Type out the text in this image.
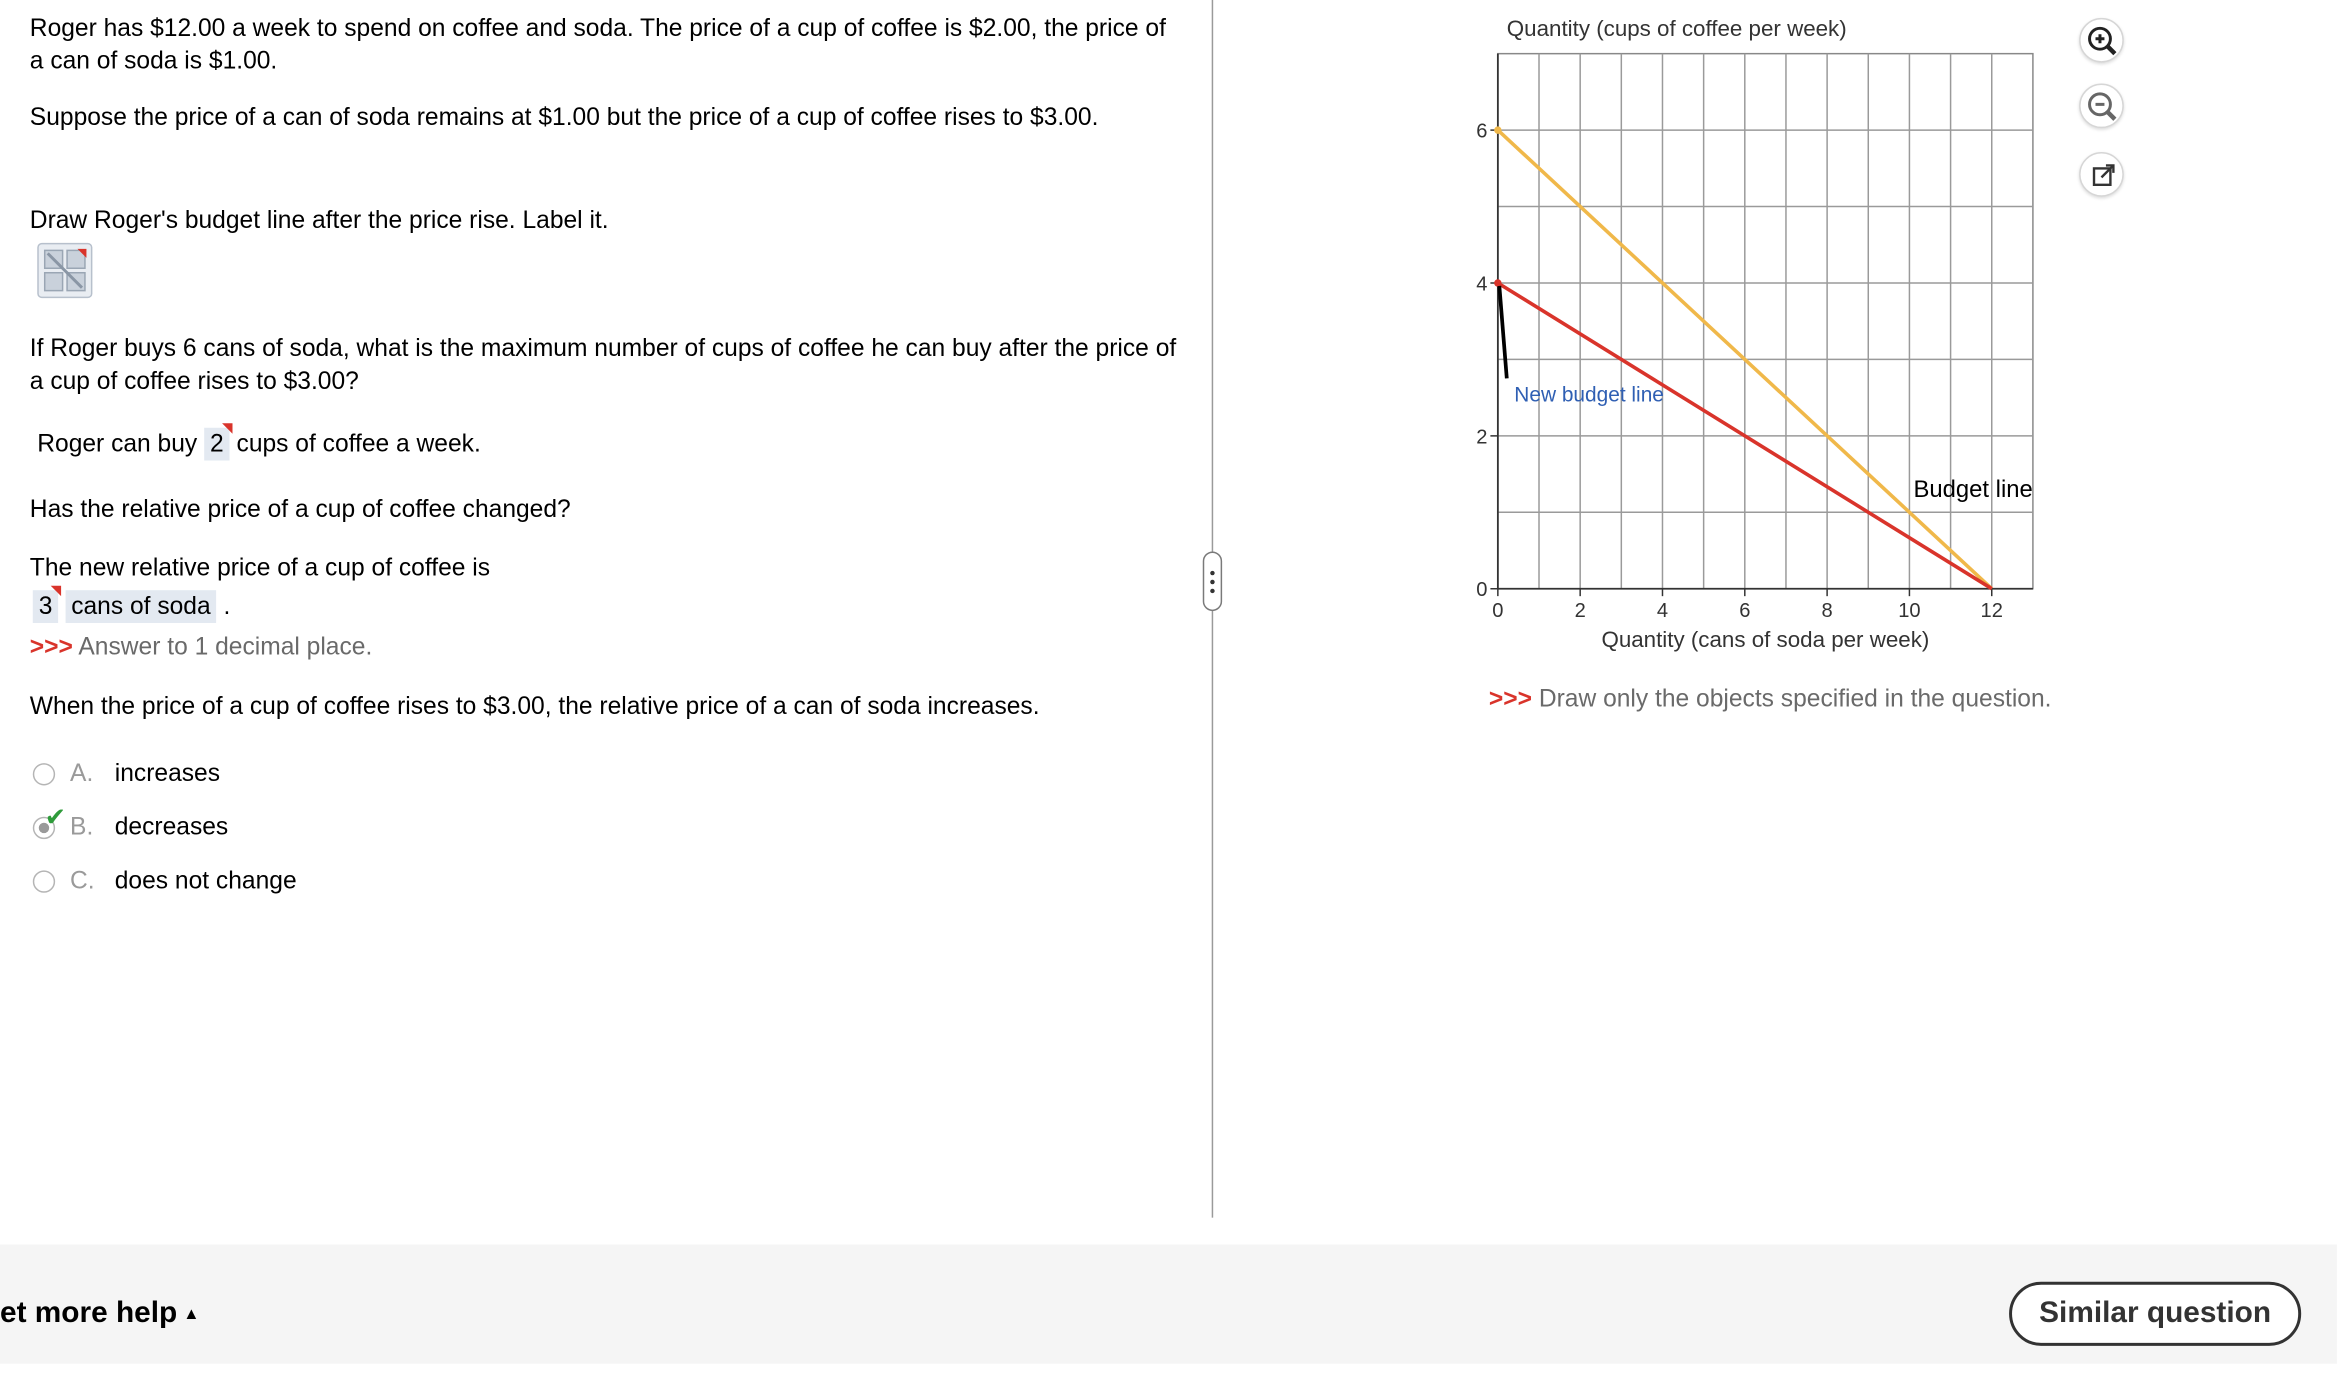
Roger has $12.00 a week to spend on coffee and soda. The price of a cup of coffee is $2.00, the price of a can of soda is $1.00.

Suppose the price of a can of soda remains at $1.00 but the price of a cup of coffee rises to $3.00.

Draw Roger's budget line after the price rise. Label it.

If Roger buys 6 cans of soda, what is the maximum number of cups of coffee he can buy after the price of a cup of coffee rises to $3.00?

Roger can buy 2 cups of coffee a week.

Has the relative price of a cup of coffee changed?

The new relative price of a cup of coffee is

3 cans of soda .

>>> Answer to 1 decimal place.

When the price of a cup of coffee rises to $3.00, the relative price of a can of soda increases.

A.	increases
✔ B.	decreases
C.	does not change
0	2	4	6	8	10	12
0
2
4
6
Quantity (cups of coffee per week)
Quantity (cans of soda per week)
Budget line
New budget line

>>> Draw only the objects specified in the question.

et more help ▲	Similar question
